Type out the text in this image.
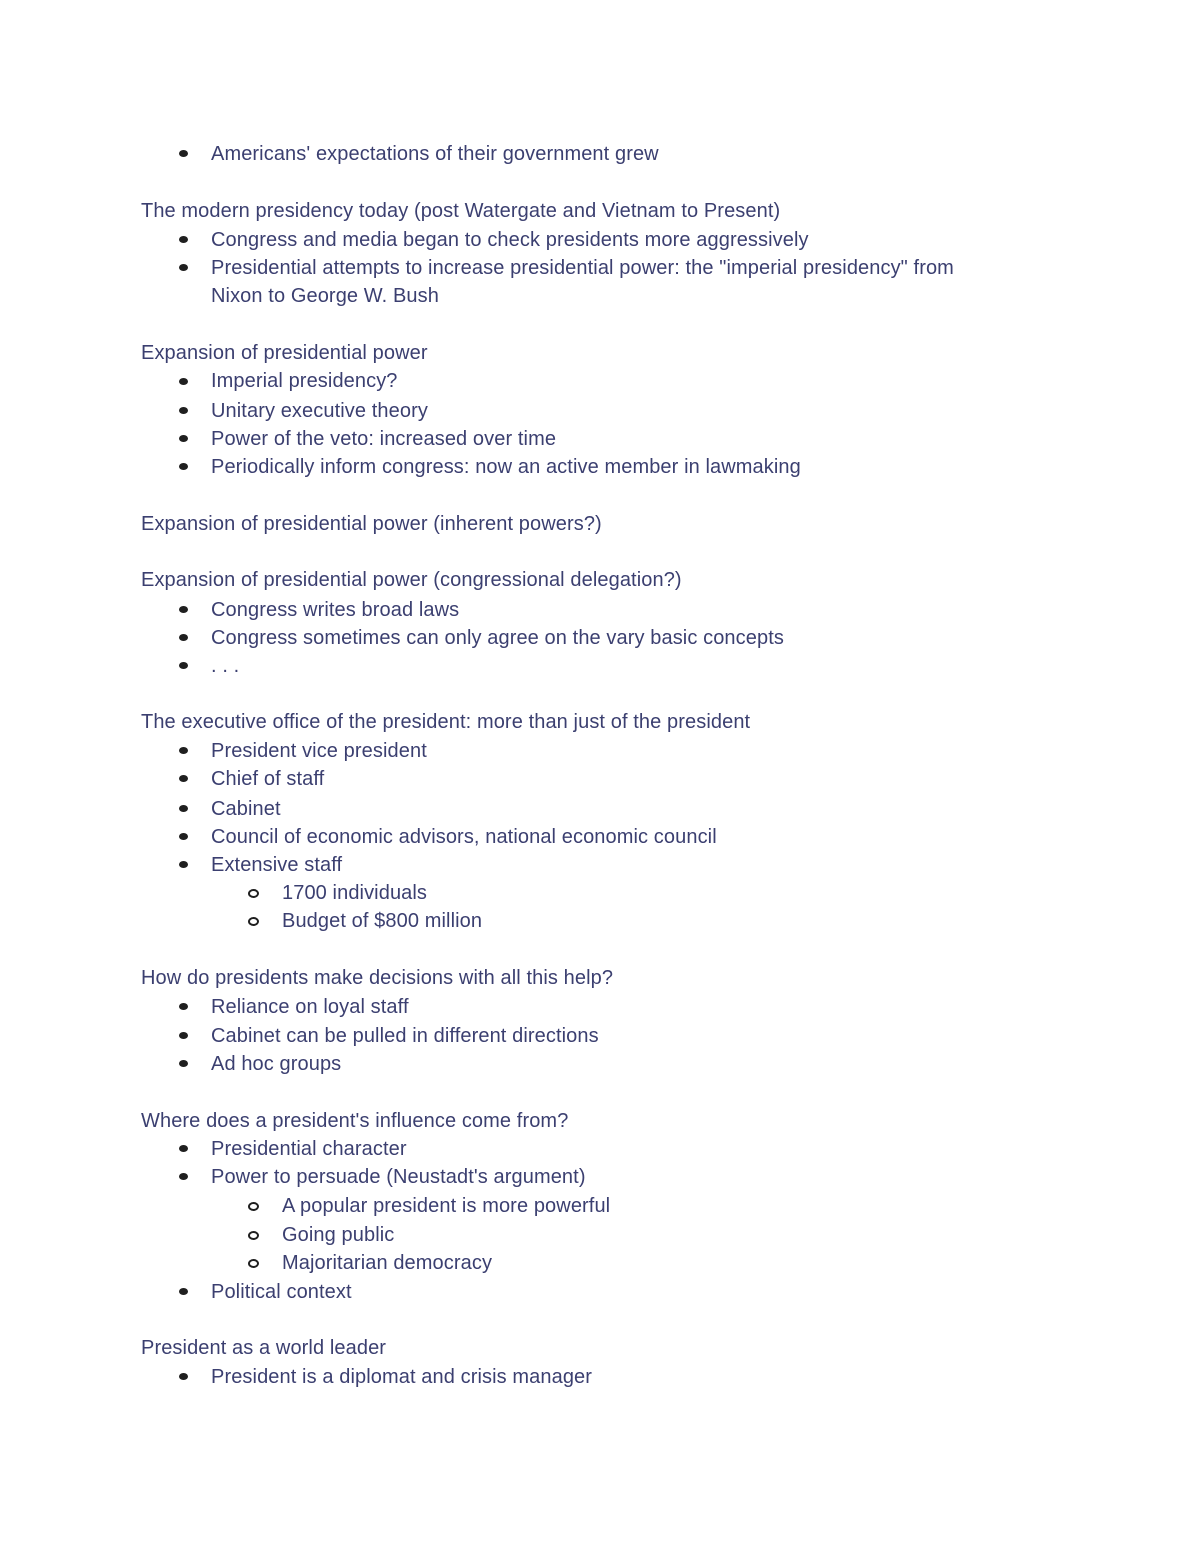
Americans' expectations of their government grew
The modern presidency today (post Watergate and Vietnam to Present)
Congress and media began to check presidents more aggressively
Presidential attempts to increase presidential power: the "imperial presidency" from
Nixon to George W. Bush
Expansion of presidential power
Imperial presidency?
Unitary executive theory
Power of the veto: increased over time
Periodically inform congress: now an active member in lawmaking
Expansion of presidential power (inherent powers?)
Expansion of presidential power (congressional delegation?)
Congress writes broad laws
Congress sometimes can only agree on the vary basic concepts
. . .
The executive office of the president: more than just of the president
President vice president
Chief of staff
Cabinet
Council of economic advisors, national economic council
Extensive staff
1700 individuals
Budget of $800 million
How do presidents make decisions with all this help?
Reliance on loyal staff
Cabinet can be pulled in different directions
Ad hoc groups
Where does a president's influence come from?
Presidential character
Power to persuade (Neustadt's argument)
A popular president is more powerful
Going public
Majoritarian democracy
Political context
President as a world leader
President is a diplomat and crisis manager
